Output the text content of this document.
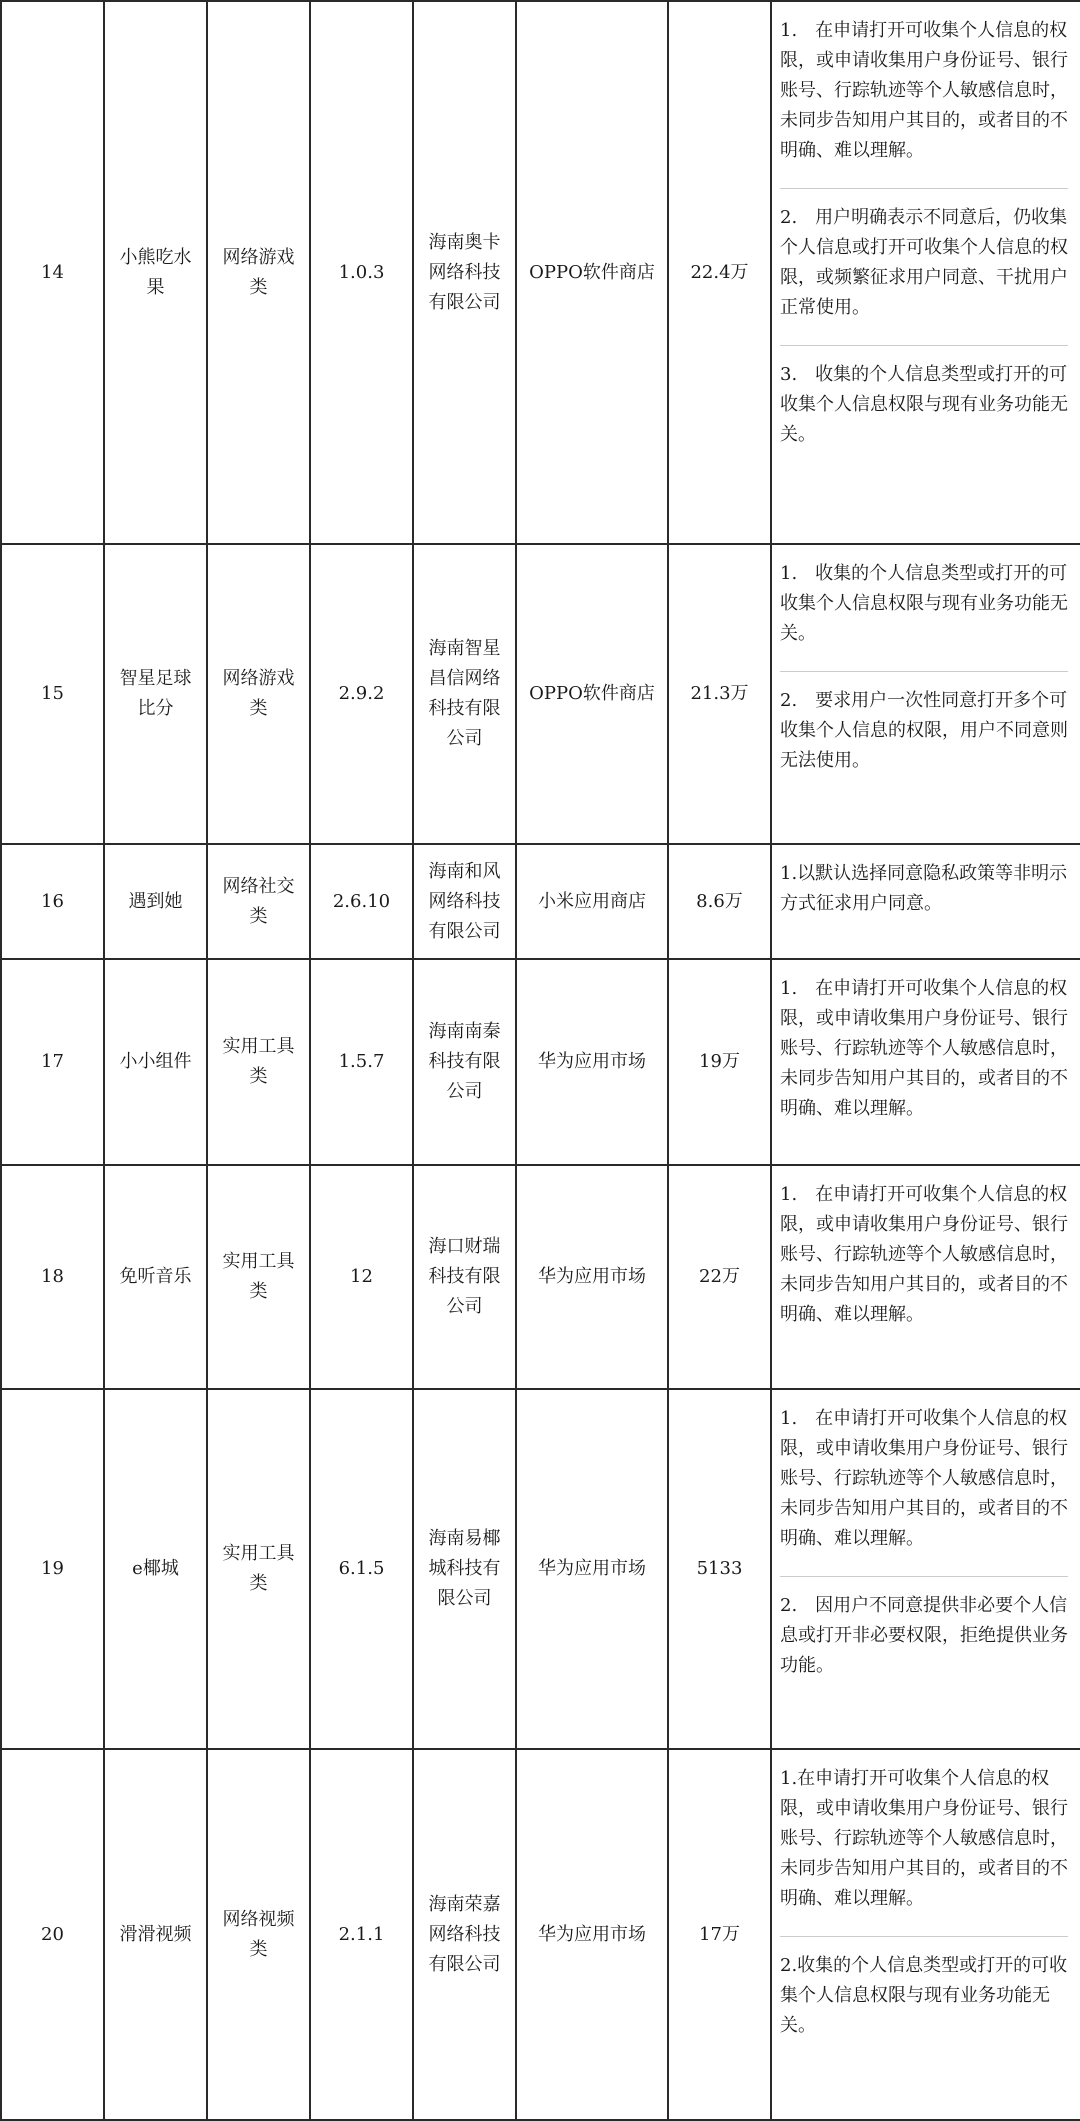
14	小熊吃水果	网络游戏类	1.0.3	海南奥卡网络科技有限公司	OPPO软件商店	22.4万	1.　在申请打开可收集个人信息的权限，或申请收集用户身份证号、银行账号、行踪轨迹等个人敏感信息时，未同步告知用户其目的，或者目的不明确、难以理解。
2.　用户明确表示不同意后，仍收集个人信息或打开可收集个人信息的权限，或频繁征求用户同意、干扰用户正常使用。
3.　收集的个人信息类型或打开的可收集个人信息权限与现有业务功能无关。

15	智星足球比分	网络游戏类	2.9.2	海南智星昌信网络科技有限公司	OPPO软件商店	21.3万	1.　收集的个人信息类型或打开的可收集个人信息权限与现有业务功能无关。
2.　要求用户一次性同意打开多个可收集个人信息的权限，用户不同意则无法使用。

16	遇到她	网络社交类	2.6.10	海南和风网络科技有限公司	小米应用商店	8.6万	1.以默认选择同意隐私政策等非明示方式征求用户同意。

17	小小组件	实用工具类	1.5.7	海南南秦科技有限公司	华为应用市场	19万	1.　在申请打开可收集个人信息的权限，或申请收集用户身份证号、银行账号、行踪轨迹等个人敏感信息时，未同步告知用户其目的，或者目的不明确、难以理解。

18	免听音乐	实用工具类	12	海口财瑞科技有限公司	华为应用市场	22万	1.　在申请打开可收集个人信息的权限，或申请收集用户身份证号、银行账号、行踪轨迹等个人敏感信息时，未同步告知用户其目的，或者目的不明确、难以理解。

19	e椰城	实用工具类	6.1.5	海南易椰城科技有限公司	华为应用市场	5133	1.　在申请打开可收集个人信息的权限，或申请收集用户身份证号、银行账号、行踪轨迹等个人敏感信息时，未同步告知用户其目的，或者目的不明确、难以理解。
2.　因用户不同意提供非必要个人信息或打开非必要权限，拒绝提供业务功能。

20	滑滑视频	网络视频类	2.1.1	海南荣嘉网络科技有限公司	华为应用市场	17万	1.在申请打开可收集个人信息的权限，或申请收集用户身份证号、银行账号、行踪轨迹等个人敏感信息时，未同步告知用户其目的，或者目的不明确、难以理解。
2.收集的个人信息类型或打开的可收集个人信息权限与现有业务功能无关。
